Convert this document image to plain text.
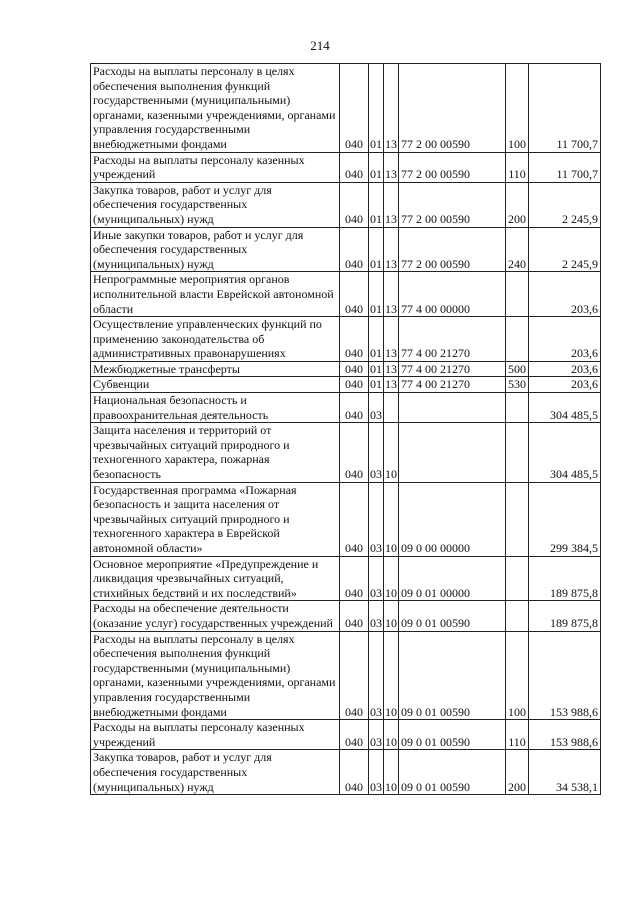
214
Расходы на выплаты персоналу в целях обеспечения выполнения функций государственными (муниципальными) органами, казенными учреждениями, органами управления государственными внебюджетными фондами	040	01	13	77 2 00 00590	100	11 700,7
Расходы на выплаты персоналу казенных учреждений	040	01	13	77 2 00 00590	110	11 700,7
Закупка товаров, работ и услуг для обеспечения государственных (муниципальных) нужд	040	01	13	77 2 00 00590	200	2 245,9
Иные закупки товаров, работ и услуг для обеспечения государственных (муниципальных) нужд	040	01	13	77 2 00 00590	240	2 245,9
Непрограммные мероприятия органов исполнительной власти Еврейской автономной области	040	01	13	77 4 00 00000		203,6
Осуществление управленческих функций по применению законодательства об административных правонарушениях	040	01	13	77 4 00 21270		203,6
Межбюджетные трансферты	040	01	13	77 4 00 21270	500	203,6
Субвенции	040	01	13	77 4 00 21270	530	203,6
Национальная безопасность и правоохранительная деятельность	040	03				304 485,5
Защита населения и территорий от чрезвычайных ситуаций природного и техногенного характера, пожарная безопасность	040	03	10			304 485,5
Государственная программа «Пожарная безопасность и защита населения от чрезвычайных ситуаций природного и техногенного характера в Еврейской автономной области»	040	03	10	09 0 00 00000		299 384,5
Основное мероприятие «Предупреждение и ликвидация чрезвычайных ситуаций, стихийных бедствий и их последствий»	040	03	10	09 0 01 00000		189 875,8
Расходы на обеспечение деятельности (оказание услуг) государственных учреждений	040	03	10	09 0 01 00590		189 875,8
Расходы на выплаты персоналу в целях обеспечения выполнения функций государственными (муниципальными) органами, казенными учреждениями, органами управления государственными внебюджетными фондами	040	03	10	09 0 01 00590	100	153 988,6
Расходы на выплаты персоналу казенных учреждений	040	03	10	09 0 01 00590	110	153 988,6
Закупка товаров, работ и услуг для обеспечения государственных (муниципальных) нужд	040	03	10	09 0 01 00590	200	34 538,1
